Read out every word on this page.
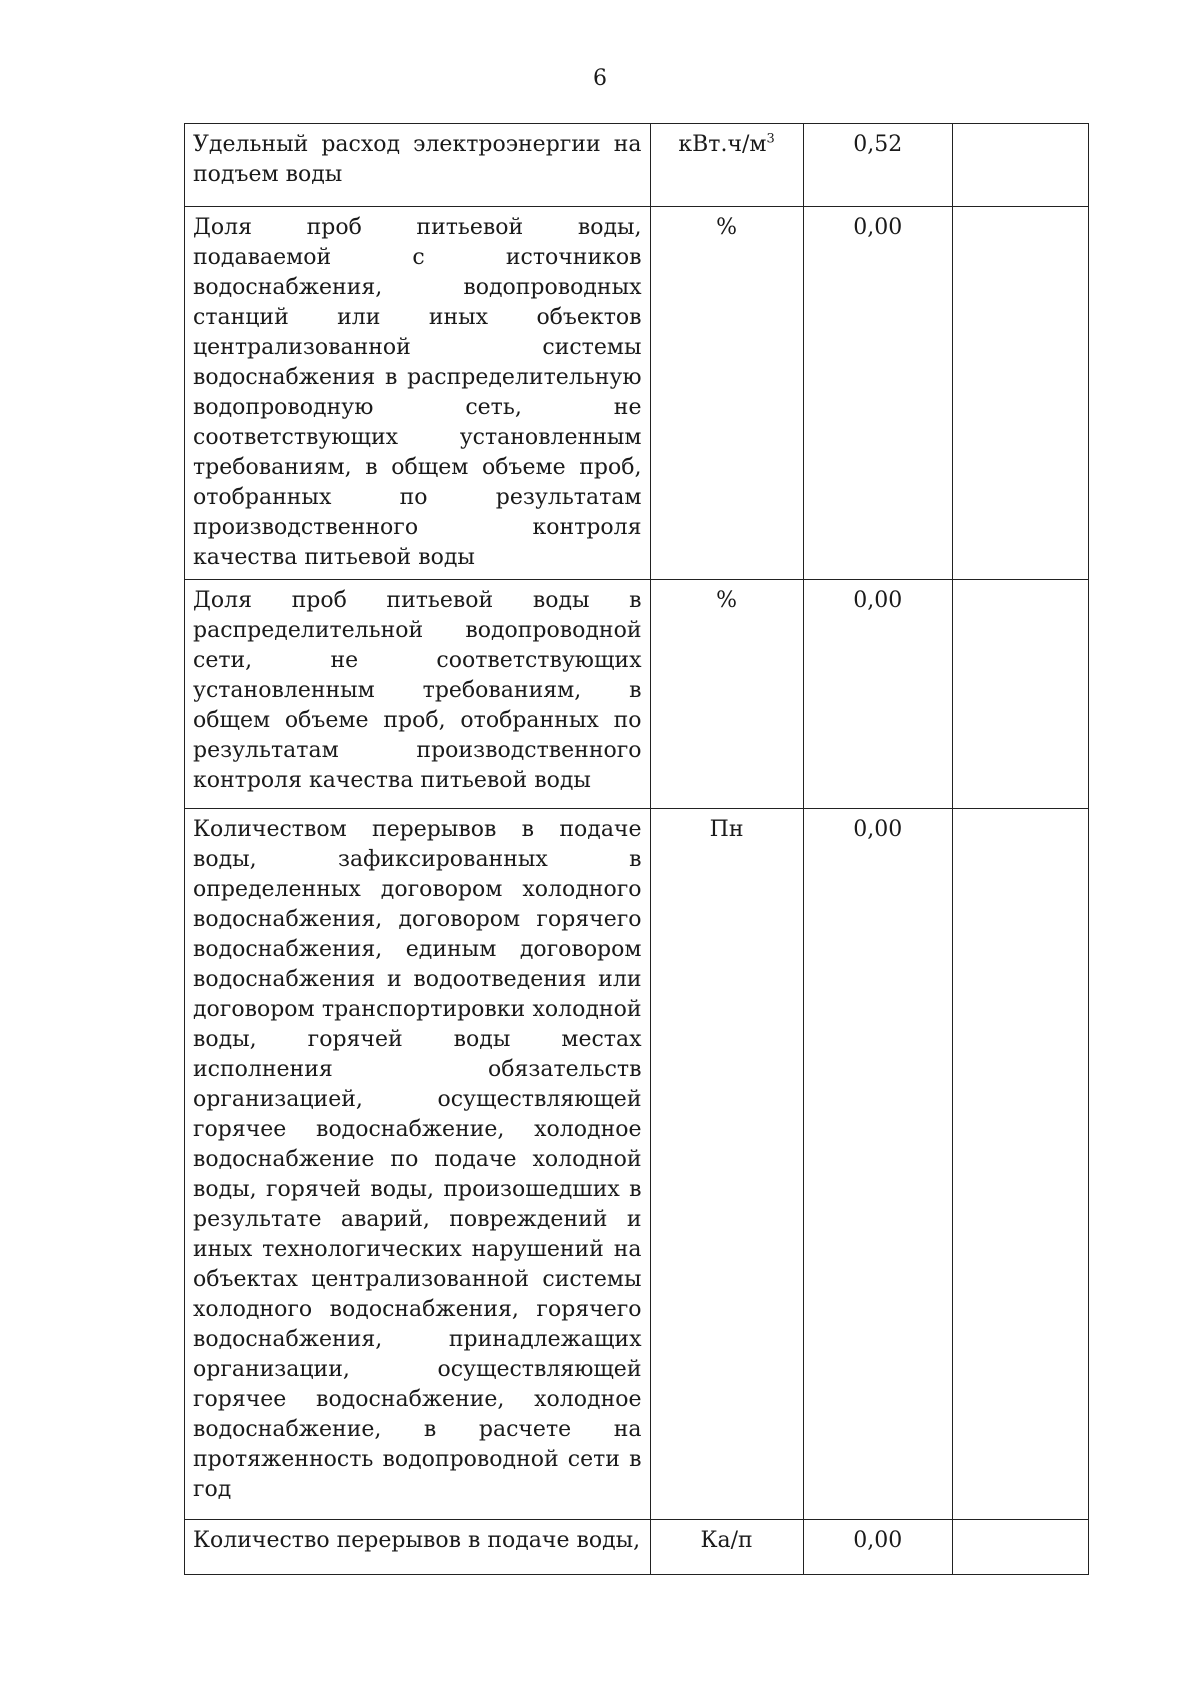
6
Удельный расход электроэнергии на подъем воды	$кВт.ч/м^3$	0,52	
Доля проб питьевой воды, подаваемой с источников водоснабжения, водопроводных станций или иных объектов централизованной системы водоснабжения в распределительную водопроводную сеть, не соответствующих установленным требованиям, в общем объеме проб, отобранных по результатам производственного контроля качества питьевой воды	%	0,00	
Доля проб питьевой воды в распределительной водопроводной сети, не соответствующих установленным требованиям, в общем объеме проб, отобранных по результатам производственного контроля качества питьевой воды	%	0,00	
Количеством перерывов в подаче воды, зафиксированных в определенных договором холодного водоснабжения, договором горячего водоснабжения, единым договором водоснабжения и водоотведения или договором транспортировки холодной воды, горячей воды местах исполнения обязательств организацией, осуществляющей горячее водоснабжение, холодное водоснабжение по подаче холодной воды, горячей воды, произошедших в результате аварий, повреждений и иных технологических нарушений на объектах централизованной системы холодного водоснабжения, горячего водоснабжения, принадлежащих организации, осуществляющей горячее водоснабжение, холодное водоснабжение, в расчете на протяженность водопроводной сети в год	Пн	0,00	
Количество перерывов в подаче воды,	Ка/п	0,00	
